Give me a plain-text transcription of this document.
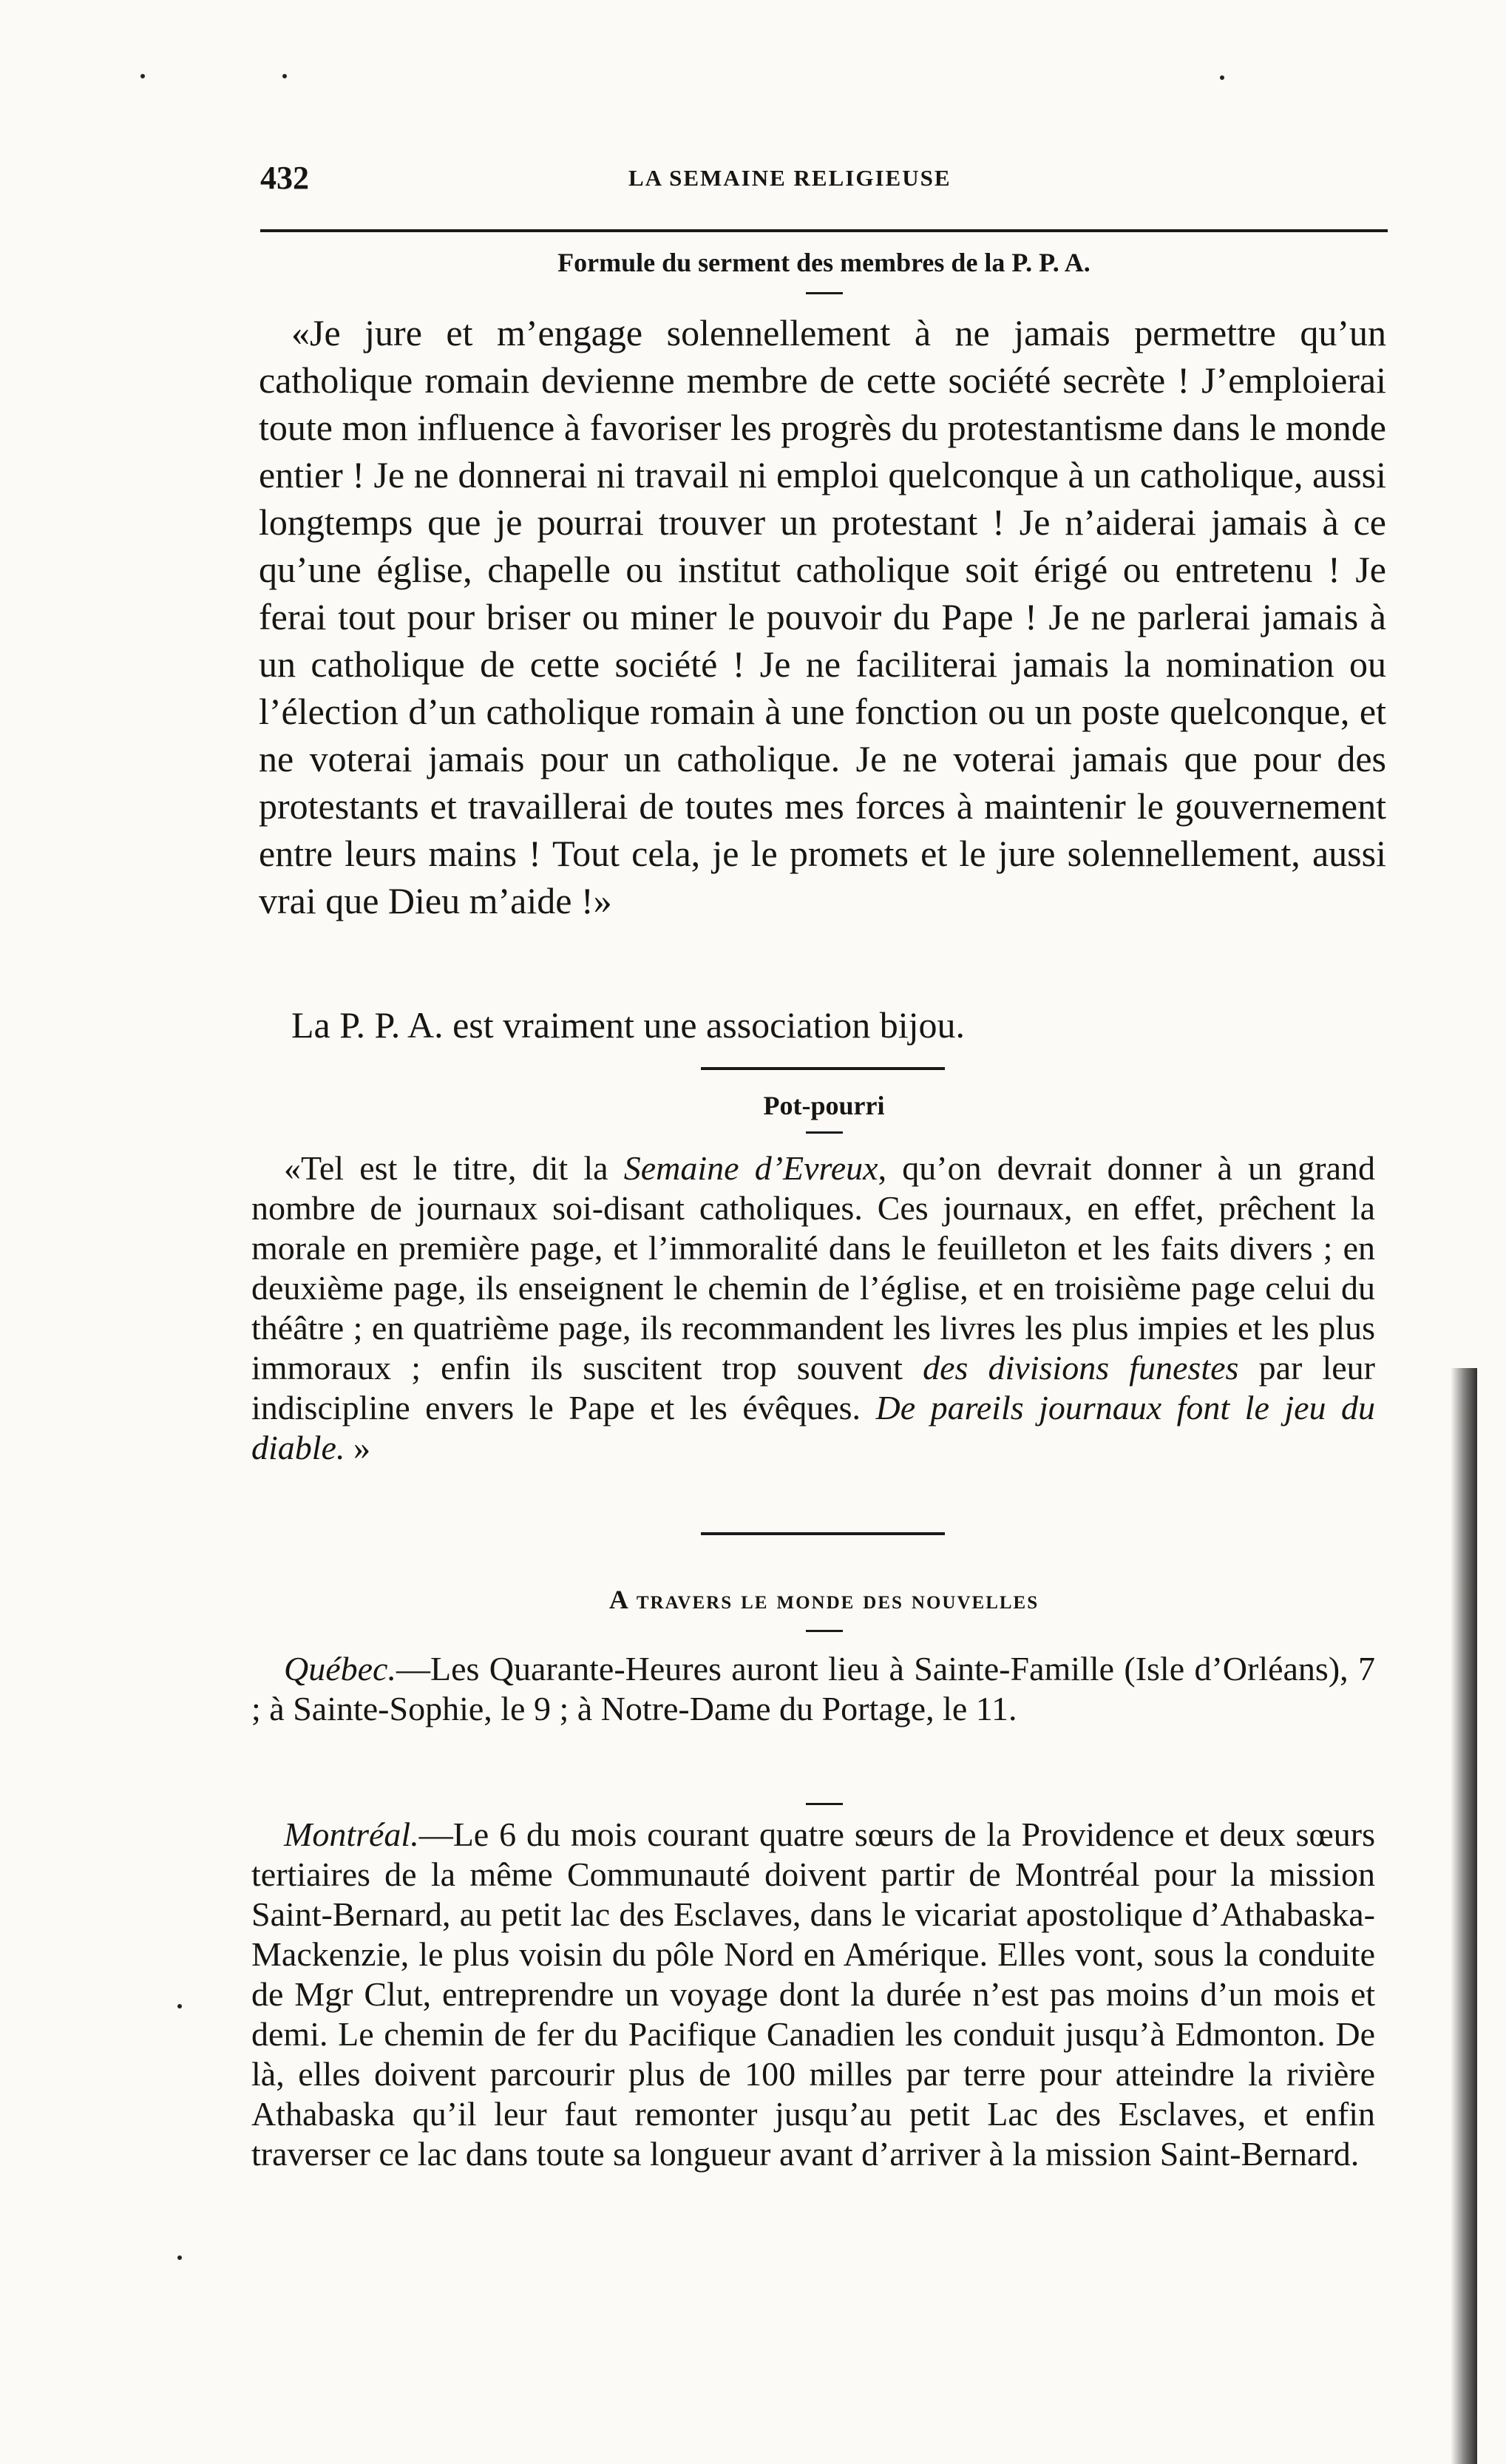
432	LA SEMAINE RELIGIEUSE
Formule du serment des membres de la P. P. A.

«Je jure et m’engage solennellement à ne jamais permettre qu’un catholique romain devienne membre de cette société secrète ! J’emploierai toute mon influence à favoriser les progrès du protestantisme dans le monde entier ! Je ne donnerai ni travail ni emploi quelconque à un catholique, aussi longtemps que je pourrai trouver un protestant ! Je n’aiderai jamais à ce qu’une église, chapelle ou institut catholique soit érigé ou entretenu ! Je ferai tout pour briser ou miner le pouvoir du Pape ! Je ne parlerai jamais à un catholique de cette société ! Je ne faciliterai jamais la nomination ou l’élection d’un catholique romain à une fonction ou un poste quelconque, et ne voterai jamais pour un catholique. Je ne voterai jamais que pour des protestants et travaillerai de toutes mes forces à maintenir le gouvernement entre leurs mains ! Tout cela, je le promets et le jure solennellement, aussi vrai que Dieu m’aide !»

La P. P. A. est vraiment une association bijou.

Pot-pourri

«Tel est le titre, dit la Semaine d’Evreux, qu’on devrait donner à un grand nombre de journaux soi-disant catholiques. Ces journaux, en effet, prêchent la morale en première page, et l’immoralité dans le feuilleton et les faits divers ; en deuxième page, ils enseignent le chemin de l’église, et en troisième page celui du théâtre ; en quatrième page, ils recommandent les livres les plus impies et les plus immoraux ; enfin ils suscitent trop souvent des divisions funestes par leur indiscipline envers le Pape et les évêques. De pareils journaux font le jeu du diable. »

A travers le monde des nouvelles

Québec.—Les Quarante-Heures auront lieu à Sainte-Famille (Isle d’Orléans), 7 ; à Sainte-Sophie, le 9 ; à Notre-Dame du Portage, le 11.

Montréal.—Le 6 du mois courant quatre sœurs de la Providence et deux sœurs tertiaires de la même Communauté doivent partir de Montréal pour la mission Saint-Bernard, au petit lac des Esclaves, dans le vicariat apostolique d’Athabaska-Mackenzie, le plus voisin du pôle Nord en Amérique. Elles vont, sous la conduite de Mgr Clut, entreprendre un voyage dont la durée n’est pas moins d’un mois et demi. Le chemin de fer du Pacifique Canadien les conduit jusqu’à Edmonton. De là, elles doivent parcourir plus de 100 milles par terre pour atteindre la rivière Athabaska qu’il leur faut remonter jusqu’au petit Lac des Esclaves, et enfin traverser ce lac dans toute sa longueur avant d’arriver à la mission Saint-Bernard.
